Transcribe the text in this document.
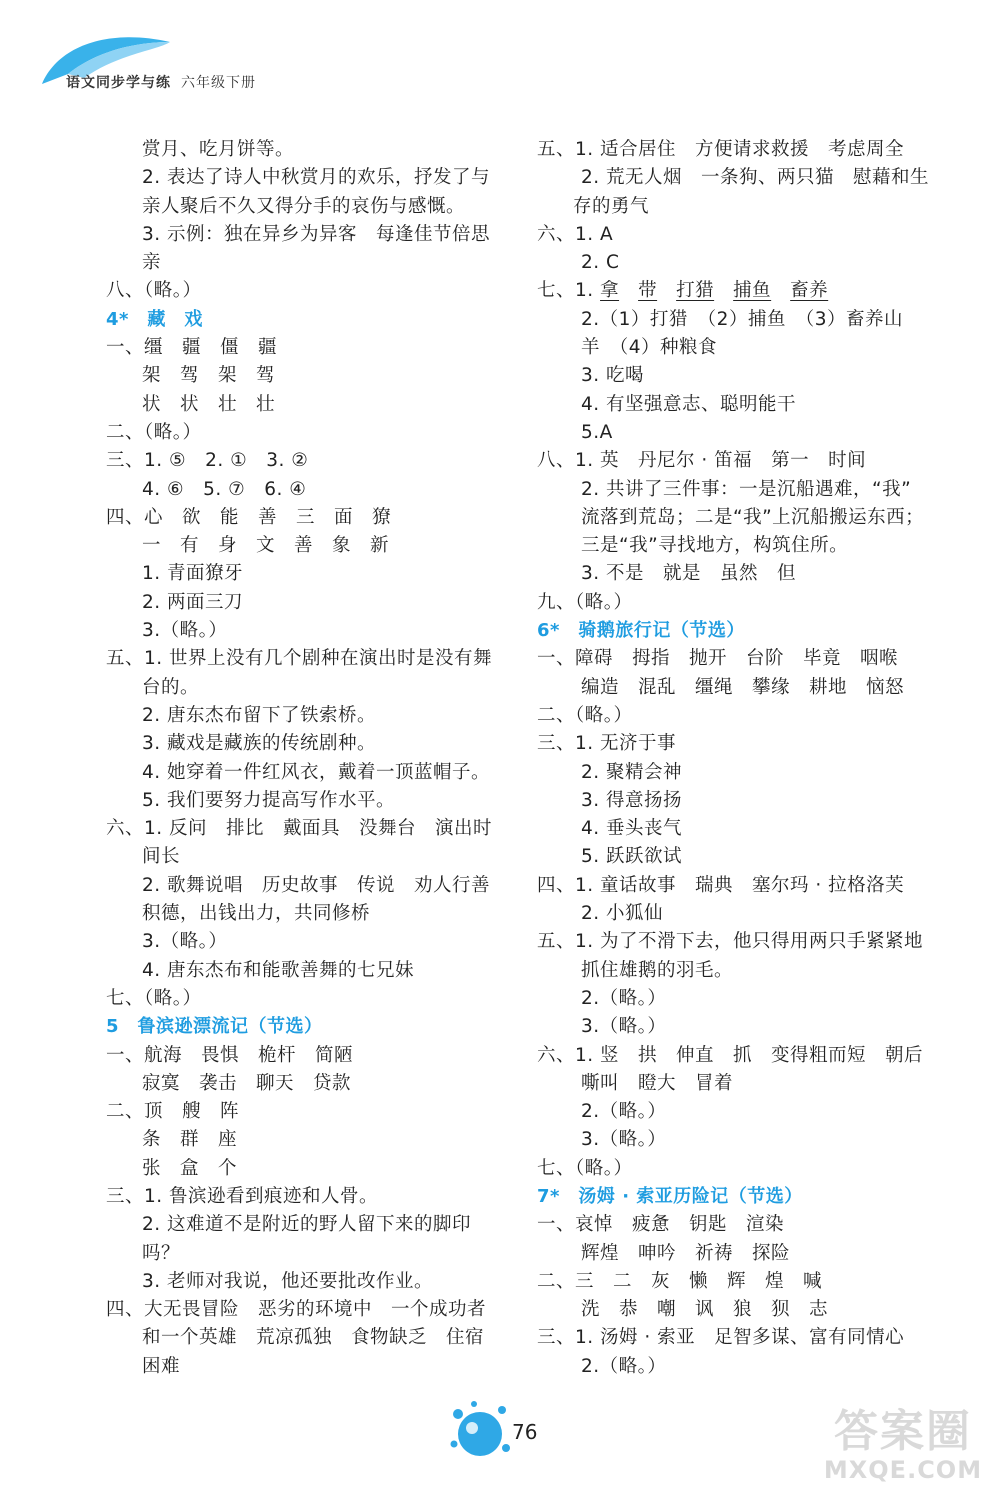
语文同步学与练 六年级下册
赏月、吃月饼等。
2. 表达了诗人中秋赏月的欢乐，抒发了与
亲人聚后不久又得分手的哀伤与感慨。
3. 示例：独在异乡为异客　每逢佳节倍思
亲
八、（略。）
4*　藏　戏
一、缰　疆　僵　疆
架　驾　架　驾
状　状　壮　壮
二、（略。）
三、1. ⑤　2. ①　3. ②
4. ⑥　5. ⑦　6. ④
四、心　欲　能　善　三　面　獠
一　有　身　文　善　象　新
1. 青面獠牙
2. 两面三刀
3.（略。）
五、1. 世界上没有几个剧种在演出时是没有舞
台的。
2. 唐东杰布留下了铁索桥。
3. 藏戏是藏族的传统剧种。
4. 她穿着一件红风衣，戴着一顶蓝帽子。
5. 我们要努力提高写作水平。
六、1. 反问　排比　戴面具　没舞台　演出时
间长
2. 歌舞说唱　历史故事　传说　劝人行善
积德，出钱出力，共同修桥
3.（略。）
4. 唐东杰布和能歌善舞的七兄妹
七、（略。）
5　鲁滨逊漂流记（节选）
一、航海　畏惧　桅杆　简陋
寂寞　袭击　聊天　贷款
二、顶　艘　阵
条　群　座
张　盒　个
三、1. 鲁滨逊看到痕迹和人骨。
2. 这难道不是附近的野人留下来的脚印
吗？
3. 老师对我说，他还要批改作业。
四、大无畏冒险　恶劣的环境中　一个成功者
和一个英雄　荒凉孤独　食物缺乏　住宿
困难
五、1. 适合居住　方便请求救援　考虑周全
2. 荒无人烟　一条狗、两只猫　慰藉和生
存的勇气
六、1. A
2. C
七、1. 拿　 带　 打猎　 捕鱼　 畜养
2.（1）打猎　（2）捕鱼　（3）畜养山
羊　（4）种粮食
3. 吃喝
4. 有坚强意志、聪明能干
5.A
八、1. 英　丹尼尔 · 笛福　第一　时间
2. 共讲了三件事：一是沉船遇难，“我”
流落到荒岛；二是“我”上沉船搬运东西；
三是“我”寻找地方，构筑住所。
3. 不是　就是　虽然　但
九、（略。）
6*　骑鹅旅行记（节选）
一、障碍　拇指　抛开　台阶　毕竟　咽喉
编造　混乱　缰绳　攀缘　耕地　恼怒
二、（略。）
三、1. 无济于事
2. 聚精会神
3. 得意扬扬
4. 垂头丧气
5. 跃跃欲试
四、1. 童话故事　瑞典　塞尔玛 · 拉格洛芙
2. 小狐仙
五、1. 为了不滑下去，他只得用两只手紧紧地
抓住雄鹅的羽毛。
2.（略。）
3.（略。）
六、1. 竖　拱　伸直　抓　变得粗而短　朝后
嘶叫　瞪大　冒着
2.（略。）
3.（略。）
七、（略。）
7*　汤姆 · 索亚历险记（节选）
一、哀悼　疲惫　钥匙　渲染
辉煌　呻吟　祈祷　探险
二、三　二　灰　懒　辉　煌　喊
洗　恭　嘲　讽　狼　狈　志
三、1. 汤姆 · 索亚　足智多谋、富有同情心
2.（略。）
76	答案圈
MXQE.COM
